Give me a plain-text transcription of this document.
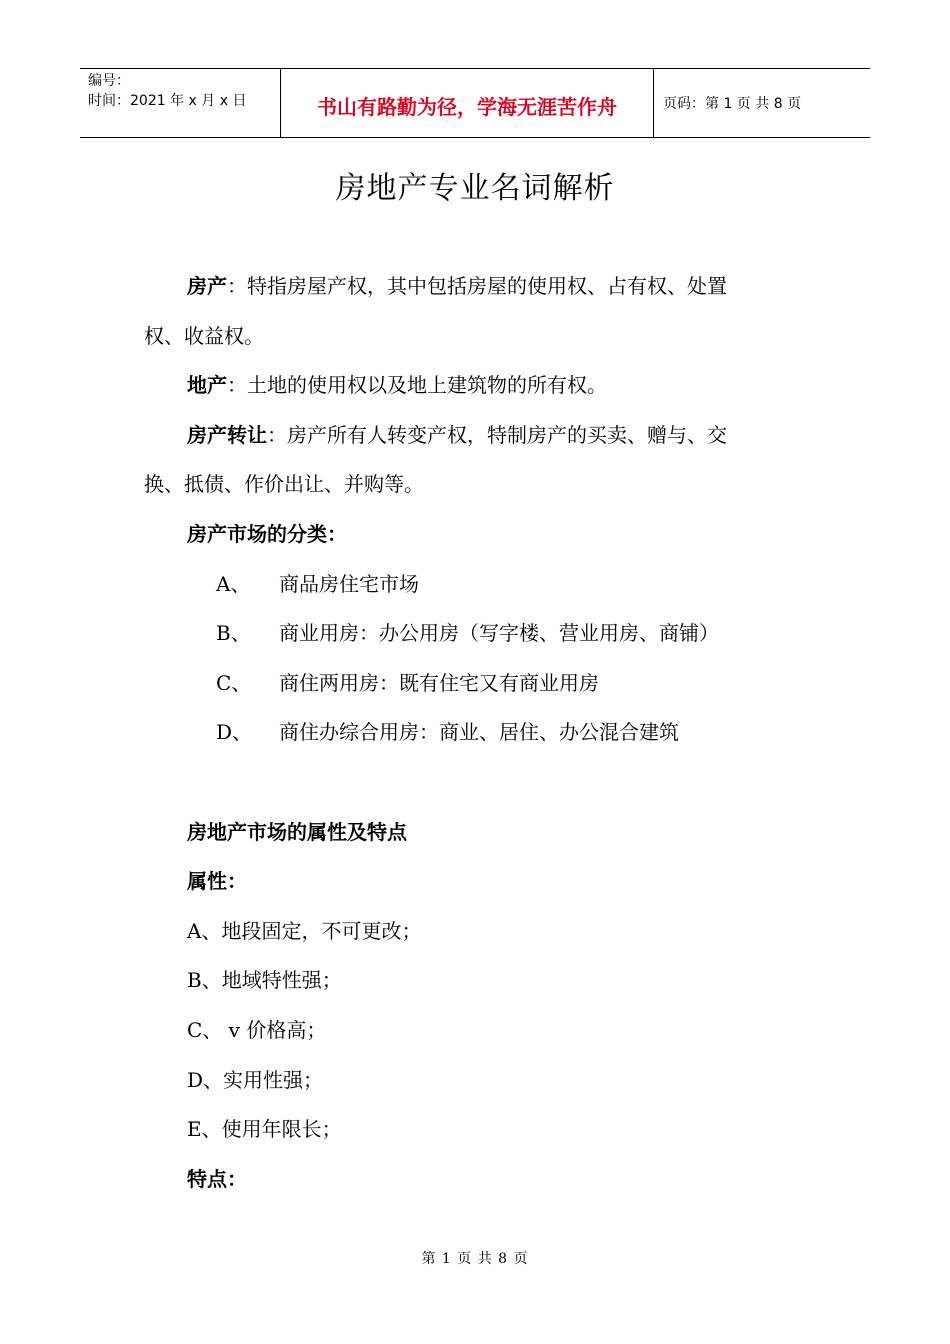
编号：
时间：2021 年 x 月 x 日	书山有路勤为径，学海无涯苦作舟	页码：第 1 页 共 8 页
房地产专业名词解析

房产：特指房屋产权，其中包括房屋的使用权、占有权、处置

权、收益权。

地产：土地的使用权以及地上建筑物的所有权。

房产转让：房产所有人转变产权，特制房产的买卖、赠与、交

换、抵债、作价出让、并购等。

房产市场的分类：

A、	商品房住宅市场
B、	商业用房：办公用房（写字楼、营业用房、商铺）
C、	商住两用房：既有住宅又有商业用房
D、	商住办综合用房：商业、居住、办公混合建筑

房地产市场的属性及特点

属性：

A、地段固定，不可更改；

B、地域特性强；

C、 v 价格高；

D、实用性强；

E、使用年限长；

特点：

第 1 页 共 8 页
